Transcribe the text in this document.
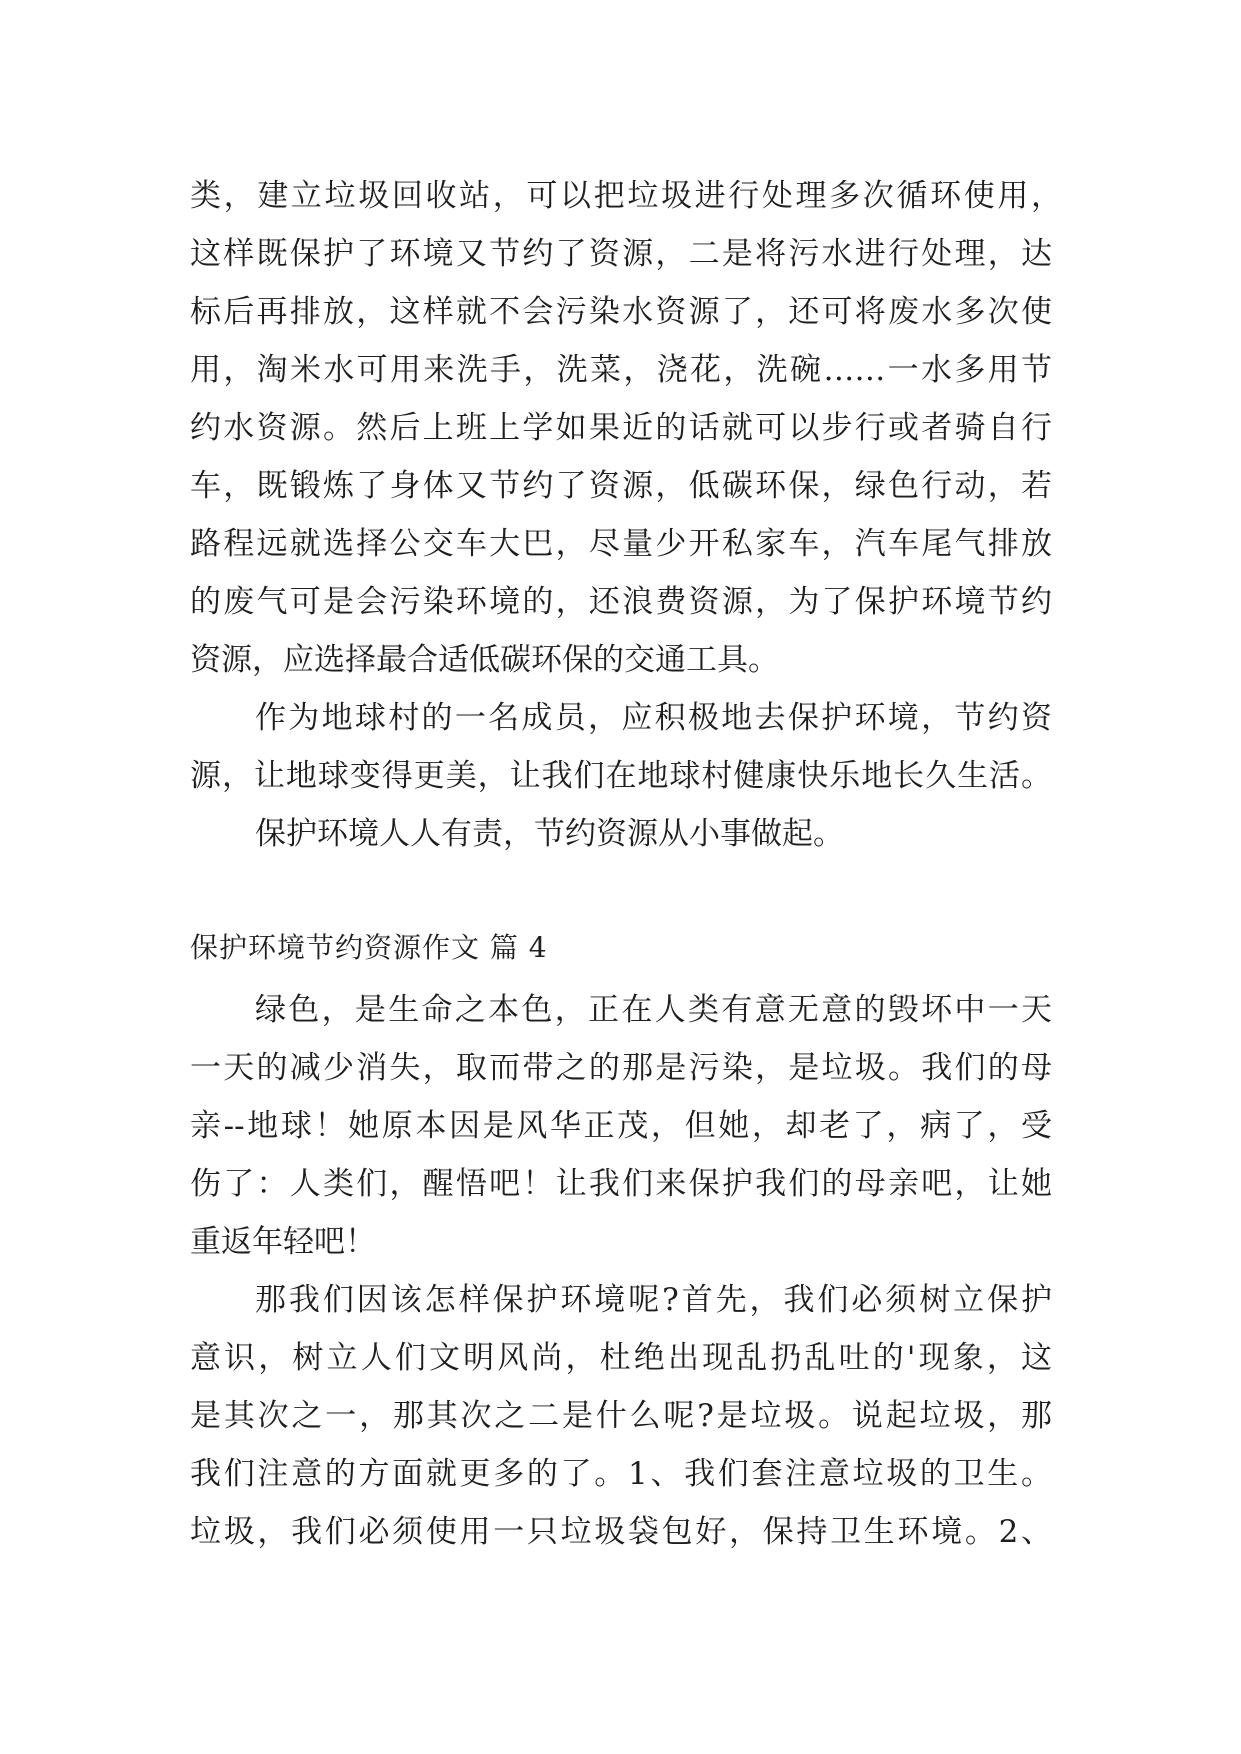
类，建立垃圾回收站，可以把垃圾进行处理多次循环使用，
这样既保护了环境又节约了资源，二是将污水进行处理，达
标后再排放，这样就不会污染水资源了，还可将废水多次使
用，淘米水可用来洗手，洗菜，浇花，洗碗……一水多用节
约水资源。然后上班上学如果近的话就可以步行或者骑自行
车，既锻炼了身体又节约了资源，低碳环保，绿色行动，若
路程远就选择公交车大巴，尽量少开私家车，汽车尾气排放
的废气可是会污染环境的，还浪费资源，为了保护环境节约
资源，应选择最合适低碳环保的交通工具。
作为地球村的一名成员，应积极地去保护环境，节约资
源，让地球变得更美，让我们在地球村健康快乐地长久生活。
保护环境人人有责，节约资源从小事做起。
保护环境节约资源作文 篇 4
绿色，是生命之本色，正在人类有意无意的毁坏中一天
一天的减少消失，取而带之的那是污染，是垃圾。我们的母
亲--地球！她原本因是风华正茂，但她，却老了，病了，受
伤了：人类们，醒悟吧！让我们来保护我们的母亲吧，让她
重返年轻吧！
那我们因该怎样保护环境呢?首先，我们必须树立保护
意识，树立人们文明风尚，杜绝出现乱扔乱吐的'现象，这
是其次之一，那其次之二是什么呢?是垃圾。说起垃圾，那
我们注意的方面就更多的了。1、我们套注意垃圾的卫生。
垃圾，我们必须使用一只垃圾袋包好，保持卫生环境。2、
